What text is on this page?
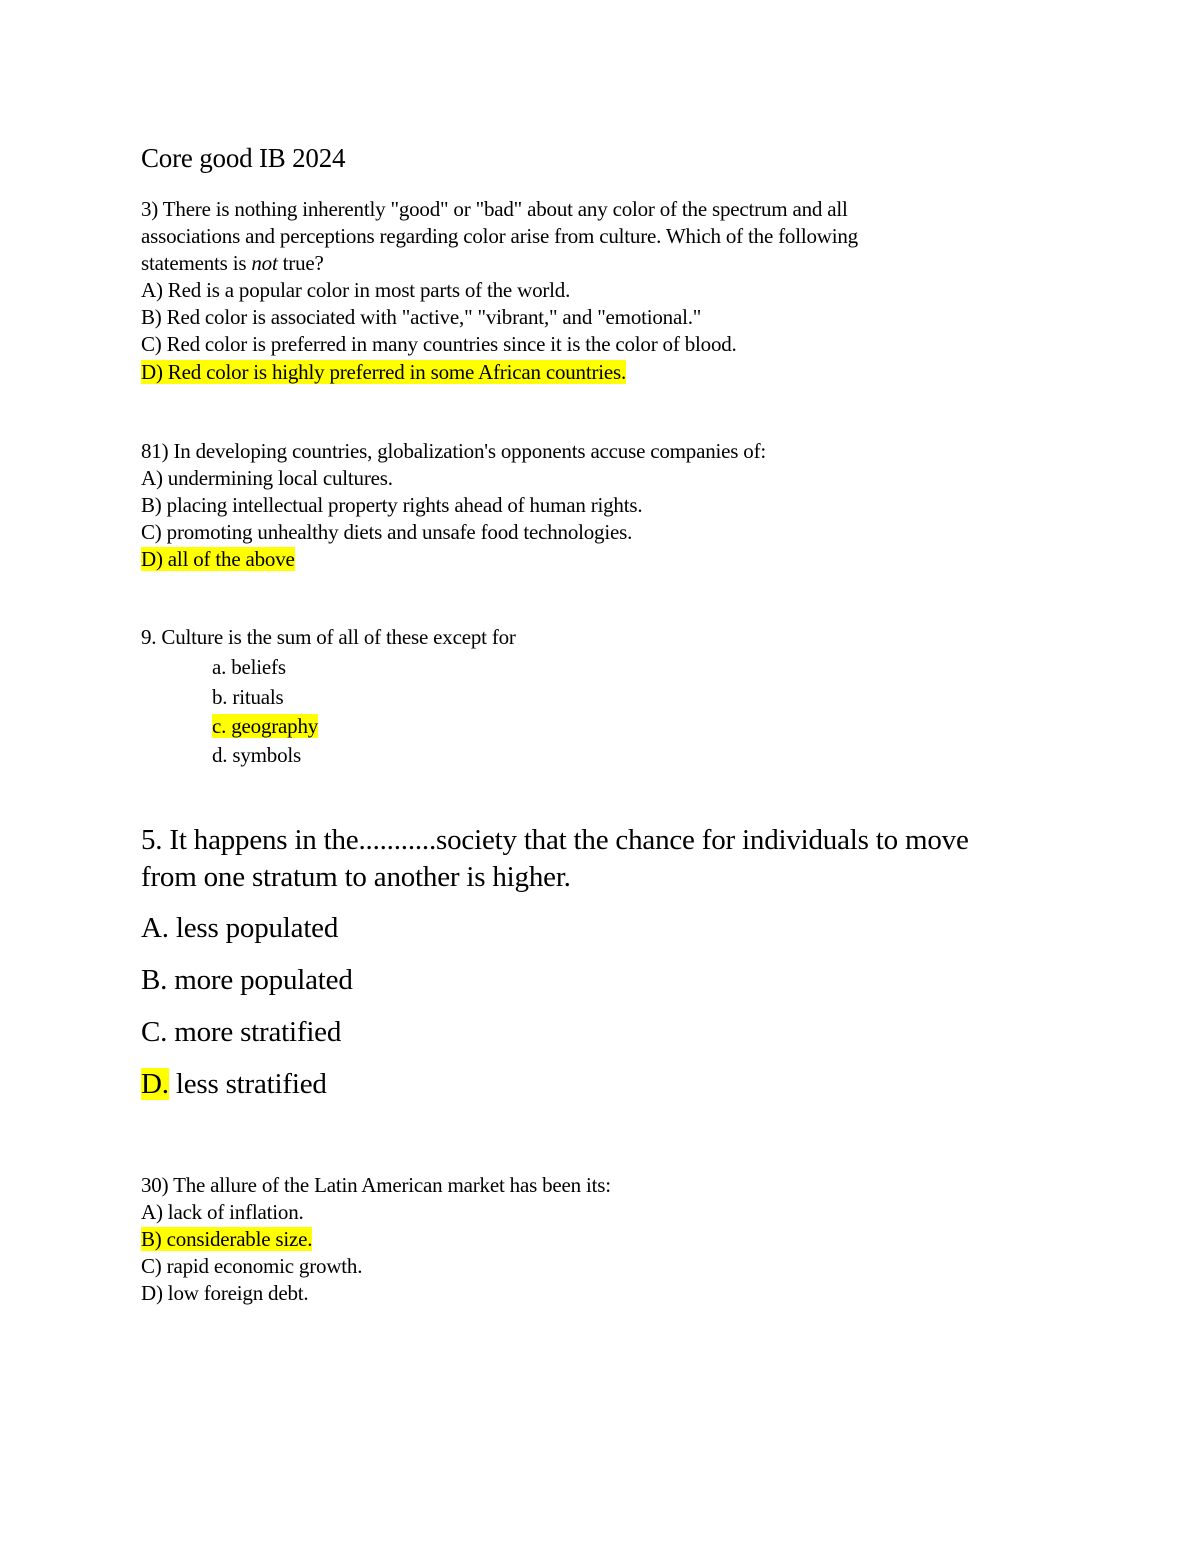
Core good IB 2024
3) There is nothing inherently "good" or "bad" about any color of the spectrum and all
associations and perceptions regarding color arise from culture. Which of the following
statements is not true?
A) Red is a popular color in most parts of the world.
B) Red color is associated with "active," "vibrant," and "emotional."
C) Red color is preferred in many countries since it is the color of blood.
D) Red color is highly preferred in some African countries.
81) In developing countries, globalization's opponents accuse companies of:
A) undermining local cultures.
B) placing intellectual property rights ahead of human rights.
C) promoting unhealthy diets and unsafe food technologies.
D) all of the above
9. Culture is the sum of all of these except for
a. beliefs
b. rituals
c. geography
d. symbols
5. It happens in the...........society that the chance for individuals to move
from one stratum to another is higher.
A. less populated
B. more populated
C. more stratified
D. less stratified
30) The allure of the Latin American market has been its:
A) lack of inflation.
B) considerable size.
C) rapid economic growth.
D) low foreign debt.
